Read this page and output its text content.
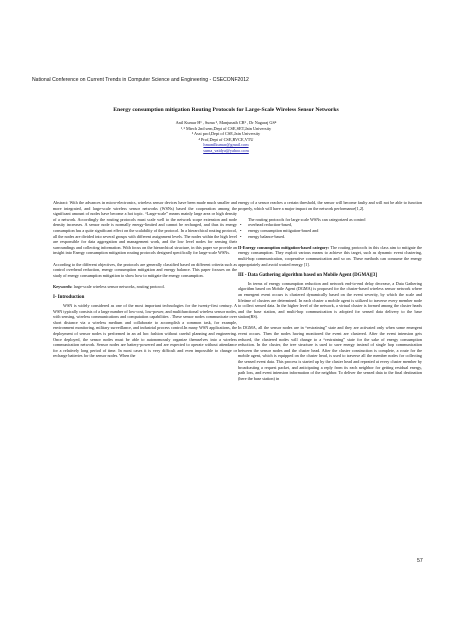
National Conference on Current Trends in Computer Science and Engineering - CSECONF2012
Energy consumption mitigation Routing Protocols for Large-Scale Wireless Sensor Networks
Anil Kumar H¹ , Suma ², Manjunath CR³ , Dr Nagaraj GS⁴
¹˒² Mtech 2nd sem,Dept of CSE,SET,Jain University
³ Asst prof,Dept of CSE,Jain University
⁴ Prof,Dept of CSE,RVCE,VTU
hmanilkumar@gmail.com
suma_vaidya@yahoo.com

Abstract: With the advances in micro-electronics, wireless sensor devices have been made much smaller and more integrated, and large-scale wireless sensor networks (WSNs) based the cooperation among the significant amount of nodes have become a hot topic. “Large-scale” means mainly large area or high density of a network. Accordingly the routing protocols must scale well to the network scope extension and node density increases. A sensor node is normally energy-limited and cannot be recharged, and thus its energy consumption has a quite significant effect on the scalability of the protocol. In a hierarchical routing protocol, all the nodes are divided into several groups with different assignment levels. The nodes within the high level are responsible for data aggregation and management work, and the low level nodes for sensing their surroundings and collecting information. With focus on the hierarchical structure, in this paper we provide an insight into Energy consumption mitigation routing protocols designed specifically for large-scale WSNs.

According to the different objectives, the protocols are generally classified based on different criteria such as control overhead reduction, energy consumption mitigation and energy balance. This paper focuses on the study of energy consumption mitigation to show how to mitigate the energy consumption.

Keywords: large-scale wireless sensor networks, routing protocol.

I- Introduction

WSN is widely considered as one of the most important technologies for the twenty-first century. A WSN typically consists of a large number of low-cost, low-power, and multifunctional wireless sensor nodes, with sensing, wireless communications and computation capabilities . These sensor nodes communicate over short distance via a wireless medium and collaborate to accomplish a common task, for example, environment monitoring, military surveillance, and industrial process control.In many WSN applications, the deployment of sensor nodes is performed in an ad hoc fashion without careful planning and engineering. Once deployed, the sensor nodes must be able to autonomously organize themselves into a wireless communication network. Sensor nodes are battery-powered and are expected to operate without attendance for a relatively long period of time. In most cases it is very difficult and even impossible to change or recharge batteries for the sensor nodes. When the

energy of a sensor reaches a certain threshold, the sensor will become faulty and will not be able to function properly, which will have a major impact on the network performance[1,2].

The routing protocols for large scale WSNs can categorized as control

• overhead reduction-based,
• energy consumption mitigation-based and
• energy balance-based.

II-Energy consumption mitigation-based category: The routing protocols in this class aim to mitigate the energy consumption. They exploit various means to achieve this target, such as dynamic event clustering, multi-hop communication, cooperative communication and so on. These methods can consume the energy appropriately and avoid wasted energy [1].

III - Data Gathering algorithm based on Mobile Agent (DGMA)[3]

In terms of energy consumption reduction and network end-to-end delay decrease, a Data Gathering algorithm based on Mobile Agent (DGMA) is proposed for the cluster-based wireless sensor network where an emergent event occurs is clustered dynamically based on the event severity, by which the scale and lifetime of clusters are determined. In each cluster a mobile agent is utilized to traverse every member node to collect sensed data. In the higher level of the network, a virtual cluster is formed among the cluster heads and the base station, and multi-hop communication is adopted for sensed data delivery to the base station(BS).

In DGMA, all the sensor nodes are in “restraining” state and they are activated only when some emergent event occurs. Then the nodes having monitored the event are clustered. After the event intension gets reduced, the clustered nodes will change to a “restraining” state for the sake of energy consumption reduction. In the cluster, the tree structure is used to save energy instead of single hop communication between the sensor nodes and the cluster head. After the cluster construction is complete, a route for the mobile agent, which is equipped on the cluster head, is used to traverse all the member nodes for collecting the sensed event data. This process is started up by the cluster head and repeated at every cluster member by broadcasting a request packet, and anticipating a reply from its each neighbor for getting residual energy, path loss, and event intension information of the neighbor. To deliver the sensed data to the final destination (here the base station) in

57
